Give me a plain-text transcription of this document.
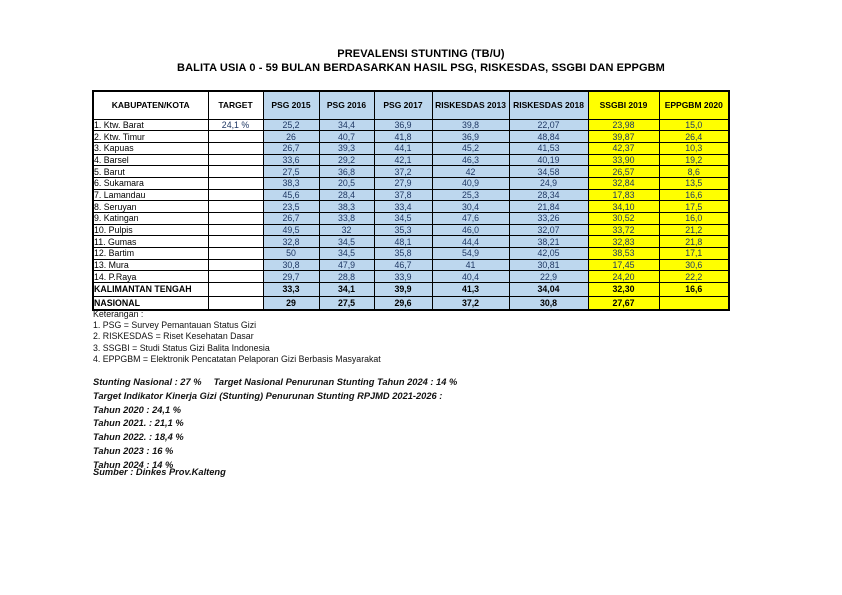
PREVALENSI STUNTING (TB/U)
BALITA USIA 0 - 59 BULAN BERDASARKAN HASIL PSG, RISKESDAS, SSGBI DAN EPPGBM
KABUPATEN/KOTA	TARGET	PSG 2015	PSG 2016	PSG 2017	RISKESDAS 2013	RISKESDAS 2018	SSGBI 2019	EPPGBM 2020
1. Ktw. Barat	24,1 %	25,2	34,4	36,9	39,8	22,07	23,98	15,0
2. Ktw. Timur		26	40,7	41,8	36,9	48,84	39,87	26,4
3. Kapuas		26,7	39,3	44,1	45,2	41,53	42,37	10,3
4. Barsel		33,6	29,2	42,1	46,3	40,19	33,90	19,2
5. Barut		27,5	36,8	37,2	42	34,58	26,57	8,6
6. Sukamara		38,3	20,5	27,9	40,9	24,9	32,84	13,5
7. Lamandau		45,6	28,4	37,8	25,3	28,34	17,83	16,6
8. Seruyan		23,5	38,3	33,4	30,4	21,84	34,10	17,5
9. Katingan		26,7	33,8	34,5	47,6	33,26	30,52	16,0
10. Pulpis		49,5	32	35,3	46,0	32,07	33,72	21,2
11. Gumas		32,8	34,5	48,1	44,4	38,21	32,83	21,8
12. Bartim		50	34,5	35,8	54,9	42,05	38,53	17,1
13. Mura		30,8	47,9	46,7	41	30,81	17,45	30,6
14. P.Raya		29,7	28,8	33,9	40,4	22,9	24,20	22,2
KALIMANTAN TENGAH		33,3	34,1	39,9	41,3	34,04	32,30	16,6
NASIONAL		29	27,5	29,6	37,2	30,8	27,67	
Keterangan :
1. PSG = Survey Pemantauan Status Gizi
2. RISKESDAS = Riset Kesehatan Dasar
3. SSGBI = Studi Status Gizi Balita Indonesia
4. EPPGBM = Elektronik Pencatatan Pelaporan Gizi Berbasis Masyarakat
Stunting Nasional : 27 % Target Nasional Penurunan Stunting Tahun 2024 : 14 %
Target Indikator Kinerja Gizi (Stunting) Penurunan Stunting RPJMD 2021-2026 :
Tahun 2020 : 24,1 %
Tahun 2021. : 21,1 %
Tahun 2022. : 18,4 %
Tahun 2023 : 16 %
Tahun 2024 : 14 %
Sumber : Dinkes Prov.Kalteng
